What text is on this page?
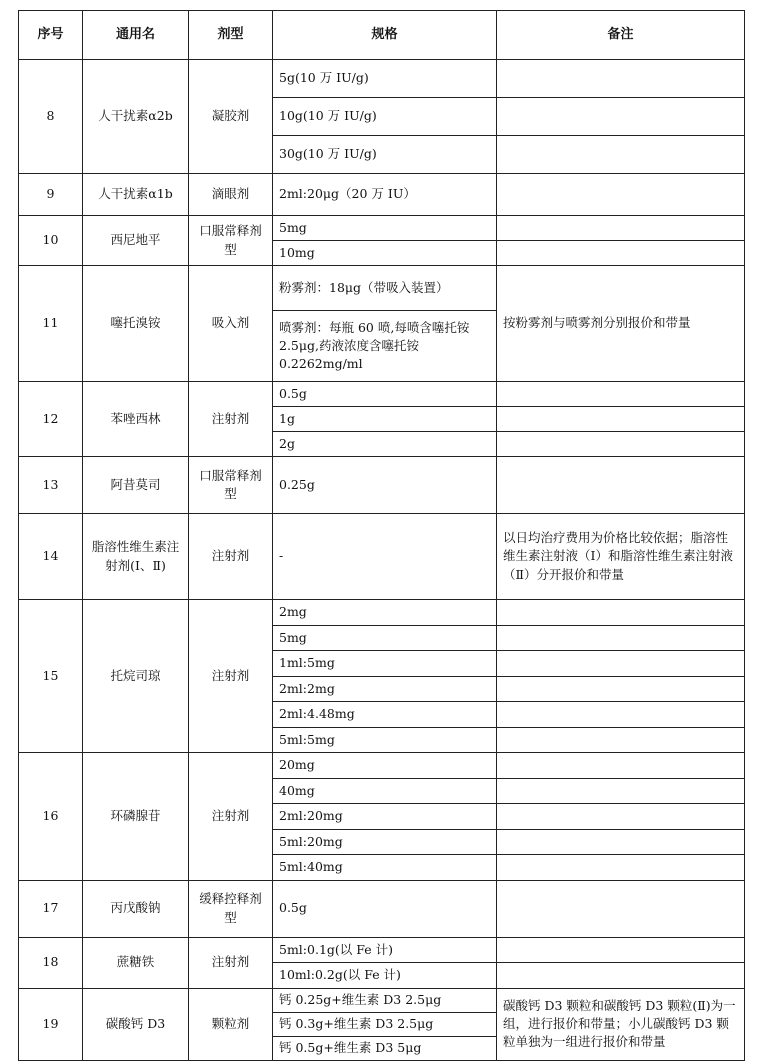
序号	通用名	剂型	规格	备注
8	人干扰素α2b	凝胶剂	5g(10 万 IU/g)	
			10g(10 万 IU/g)	
			30g(10 万 IU/g)	
9	人干扰素α1b	滴眼剂	2ml:20μg（20 万 IU）	
10	西尼地平	口服常释剂型	5mg	
			10mg	
11	噻托溴铵	吸入剂	粉雾剂：18μg（带吸入装置）	按粉雾剂与喷雾剂分别报价和带量
			喷雾剂：每瓶 60 喷,每喷含噻托铵 2.5μg,药液浓度含噻托铵 0.2262mg/ml	
12	苯唑西林	注射剂	0.5g	
			1g	
			2g	
13	阿昔莫司	口服常释剂型	0.25g	
14	脂溶性维生素注射剂(Ⅰ、Ⅱ)	注射剂	-	以日均治疗费用为价格比较依据；脂溶性维生素注射液（Ⅰ）和脂溶性维生素注射液（Ⅱ）分开报价和带量
15	托烷司琼	注射剂	2mg	
			5mg	
			1ml:5mg	
			2ml:2mg	
			2ml:4.48mg	
			5ml:5mg	
16	环磷腺苷	注射剂	20mg	
			40mg	
			2ml:20mg	
			5ml:20mg	
			5ml:40mg	
17	丙戊酸钠	缓释控释剂型	0.5g	
18	蔗糖铁	注射剂	5ml:0.1g(以 Fe 计)	
			10ml:0.2g(以 Fe 计)	
19	碳酸钙 D3	颗粒剂	钙 0.25g+维生素 D3 2.5μg	碳酸钙 D3 颗粒和碳酸钙 D3 颗粒(Ⅱ)为一组，进行报价和带量；小儿碳酸钙 D3 颗粒单独为一组进行报价和带量
			钙 0.3g+维生素 D3 2.5μg	
			钙 0.5g+维生素 D3 5μg	
